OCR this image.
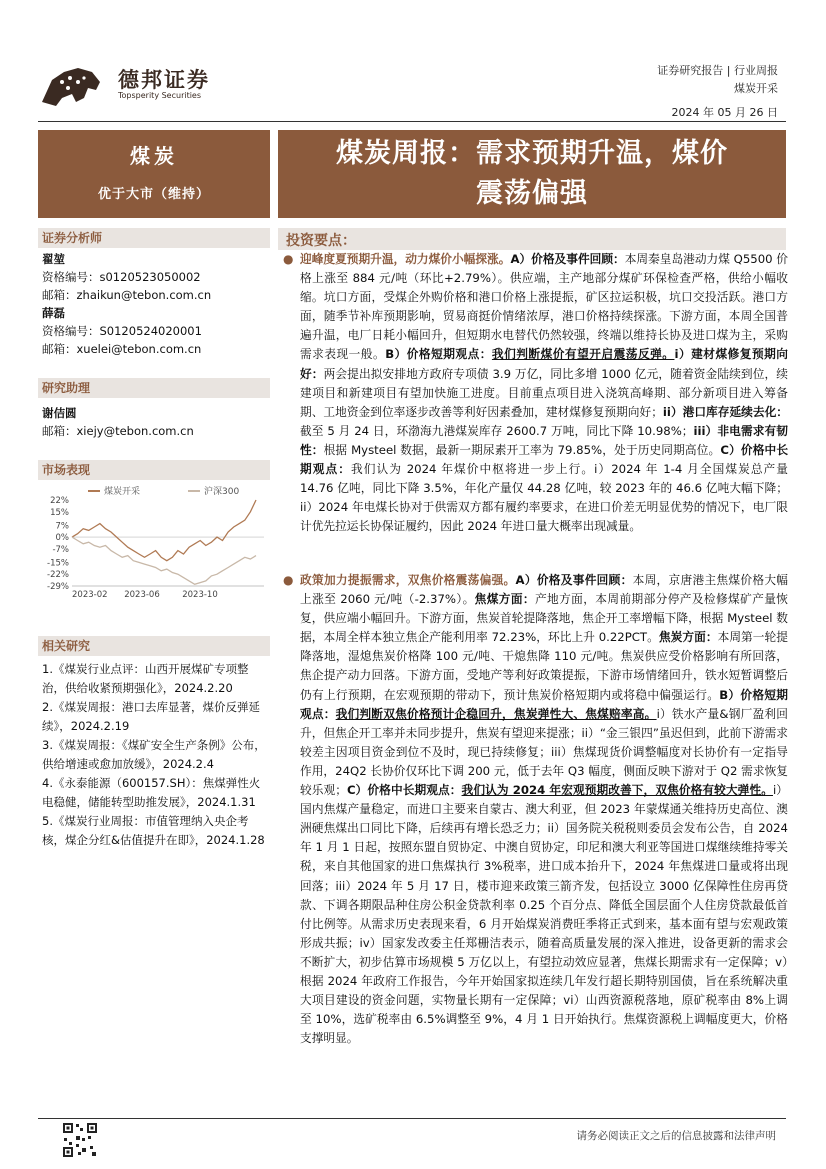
德邦证券
Topsperity Securities
证券研究报告 | 行业周报
煤炭开采
2024 年 05 月 26 日
煤炭
优于大市（维持）
煤炭周报：需求预期升温，煤价
震荡偏强
证券分析师
翟堃
资格编号：s0120523050002
邮箱：zhaikun@tebon.com.cn
薛磊
资格编号：S0120524020001
邮箱：xuelei@tebon.com.cn
研究助理
谢佶圆
邮箱：xiejy@tebon.com.cn
市场表现
煤炭开采	沪深300
22%
15%
7%
0%
-7%
-15%
-22%
-29%
2023-02 2023-06	2023-10
相关研究
1.《煤炭行业点评：山西开展煤矿专项整治，供给收紧预期强化》，2024.2.20
2.《煤炭周报：港口去库显著，煤价反弹延续》，2024.2.19
3.《煤炭周报：《煤矿安全生产条例》公布，供给增速或愈加放缓》，2024.2.4
4.《永泰能源（600157.SH）：焦煤弹性火电稳健，储能转型助推发展》，2024.1.31
5.《煤炭行业周报：市值管理纳入央企考核，煤企分红&估值提升在即》，2024.1.28
投资要点：
● 迎峰度夏预期升温，动力煤价小幅探涨。A）价格及事件回顾：本周秦皇岛港动力煤 Q5500 价格上涨至 884 元/吨（环比+2.79%）。供应端，主产地部分煤矿环保检查严格，供给小幅收缩。坑口方面，受煤企外购价格和港口价格上涨提振，矿区拉运积极，坑口交投活跃。港口方面，随季节补库预期影响，贸易商挺价情绪浓厚，港口价格持续探涨。下游方面，本周全国普遍升温，电厂日耗小幅回升，但短期水电替代仍然较强，终端以维持长协及进口煤为主，采购需求表现一般。B）价格短期观点：我们判断煤价有望开启震荡反弹。i）建材煤修复预期向好：两会提出拟安排地方政府专项债 3.9 万亿，同比多增 1000 亿元，随着资金陆续到位，续建项目和新建项目有望加快施工进度。目前重点项目进入浇筑高峰期、部分新项目进入筹备期、工地资金到位率逐步改善等利好因素叠加，建材煤修复预期向好；ii）港口库存延续去化：截至 5 月 24 日，环渤海九港煤炭库存 2600.7 万吨，同比下降 10.98%；iii）非电需求有韧性：根据 Mysteel 数据，最新一期尿素开工率为 79.85%，处于历史同期高位。C）价格中长期观点：我们认为 2024 年煤价中枢将进一步上行。i）2024 年 1-4 月全国煤炭总产量 14.76 亿吨，同比下降 3.5%，年化产量仅 44.28 亿吨，较 2023 年的 46.6 亿吨大幅下降；ii）2024 年电煤长协对于供需双方都有履约率要求，在进口价差无明显优势的情况下，电厂限计优先拉运长协保证履约，因此 2024 年进口量大概率出现减量。
● 政策加力提振需求，双焦价格震荡偏强。A）价格及事件回顾：本周，京唐港主焦煤价格大幅上涨至 2060 元/吨（-2.37%）。焦煤方面：产地方面，本周前期部分停产及检修煤矿产量恢复，供应端小幅回升。下游方面，焦炭首轮提降落地，焦企开工率增幅下降，根据 Mysteel 数据，本周全样本独立焦企产能利用率 72.23%，环比上升 0.22PCT。焦炭方面：本周第一轮提降落地，湿熄焦炭价格降 100 元/吨、干熄焦降 110 元/吨。焦炭供应受价格影响有所回落，焦企提产动力回落。下游方面，受地产等利好政策提振，下游市场情绪回升，铁水短暂调整后仍有上行预期，在宏观预期的带动下，预计焦炭价格短期内或将稳中偏强运行。B）价格短期观点：我们判断双焦价格预计企稳回升，焦炭弹性大、焦煤赔率高。i）铁水产量&钢厂盈利回升，但焦企开工率并未同步提升，焦炭有望迎来提涨；ii）“金三银四”虽迟但到，此前下游需求较差主因项目资金到位不及时，现已持续修复；iii）焦煤现货价调整幅度对长协价有一定指导作用，24Q2 长协价仅环比下调 200 元，低于去年 Q3 幅度，侧面反映下游对于 Q2 需求恢复较乐观；C）价格中长期观点：我们认为 2024 年宏观预期改善下，双焦价格有较大弹性。i）国内焦煤产量稳定，而进口主要来自蒙古、澳大利亚，但 2023 年蒙煤通关维持历史高位、澳洲硬焦煤出口同比下降，后续再有增长恐乏力；ii）国务院关税税则委员会发布公告，自 2024 年 1 月 1 日起，按照东盟自贸协定、中澳自贸协定，印尼和澳大利亚等国进口煤继续维持零关税，来自其他国家的进口焦煤执行 3%税率，进口成本抬升下，2024 年焦煤进口量或将出现回落；iii）2024 年 5 月 17 日，楼市迎来政策三箭齐发，包括设立 3000 亿保障性住房再贷款、下调各期限品种住房公积金贷款利率 0.25 个百分点、降低全国层面个人住房贷款最低首付比例等。从需求历史表现来看，6 月开始煤炭消费旺季将正式到来，基本面有望与宏观政策形成共振；iv）国家发改委主任郑栅洁表示，随着高质量发展的深入推进，设备更新的需求会不断扩大，初步估算市场规模 5 万亿以上，有望拉动效应显著，焦煤长期需求有一定保障；v）根据 2024 年政府工作报告，今年开始国家拟连续几年发行超长期特别国债，旨在系统解决重大项目建设的资金问题，实物量长期有一定保障；vi）山西资源税落地，原矿税率由 8%上调至 10%，选矿税率由 6.5%调整至 9%，4 月 1 日开始执行。焦煤资源税上调幅度更大，价格支撑明显。
请务必阅读正文之后的信息披露和法律声明
